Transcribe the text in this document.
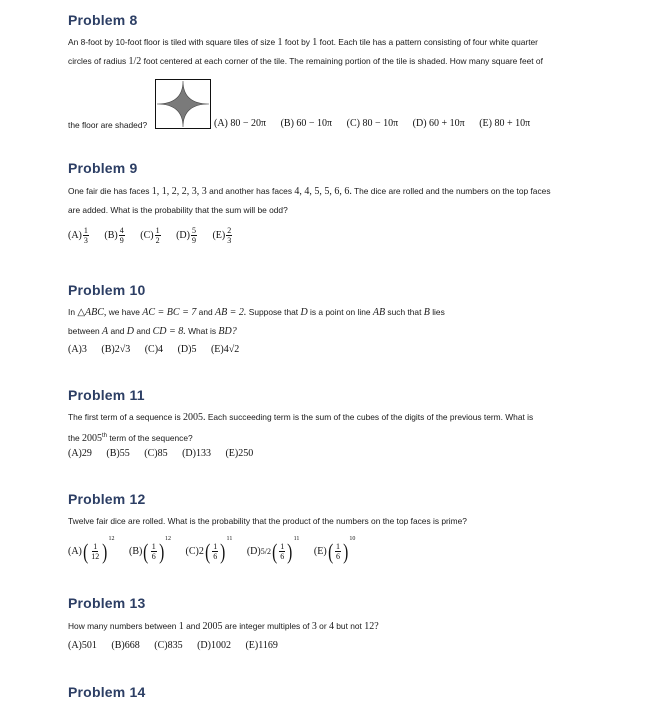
Problem 8
An 8-foot by 10-foot floor is tiled with square tiles of size 1 foot by 1 foot. Each tile has a pattern consisting of four white quarter
circles of radius 1/2 foot centered at each corner of the tile. The remaining portion of the tile is shaded. How many square feet of
the floor are shaded?	(A) 80 − 20π (B) 60 − 10π (C) 80 − 10π (D) 60 + 10π (E) 80 + 10π
Problem 9
One fair die has faces 1, 1, 2, 2, 3, 3 and another has faces 4, 4, 5, 5, 6, 6. The dice are rolled and the numbers on the top faces
are added. What is the probability that the sum will be odd?
$(A) \frac{1}{3} (B) \frac{4}{9} (C) \frac{1}{2} (D) \frac{5}{9} (E) \frac{2}{3}$
Problem 10
In △ABC, we have AC = BC = 7 and AB = 2. Suppose that D is a point on line AB such that B lies
between A and D and CD = 8. What is BD?
(A)3 (B)2√3 (C)4 (D)5 (E)4√2
Problem 11
The first term of a sequence is 2005. Each succeeding term is the sum of the cubes of the digits of the previous term. What is
the 2005th term of the sequence?
(A)29 (B)55 (C)85 (D)133 (E)250
Problem 12
Twelve fair dice are rolled. What is the probability that the product of the numbers on the top faces is prime?
$(A)( \frac{1}{12} )^{12}$ $(B)( \frac{1}{6} )^{12}$ $(C)2( \frac{1}{6} )^{11}$ $(D)5/2( \frac{1}{6} )^{11}$ $(E)( \frac{1}{6} )^{10}$
Problem 13
How many numbers between 1 and 2005 are integer multiples of 3 or 4 but not 12?
(A)501 (B)668 (C)835 (D)1002 (E)1169
Problem 14
